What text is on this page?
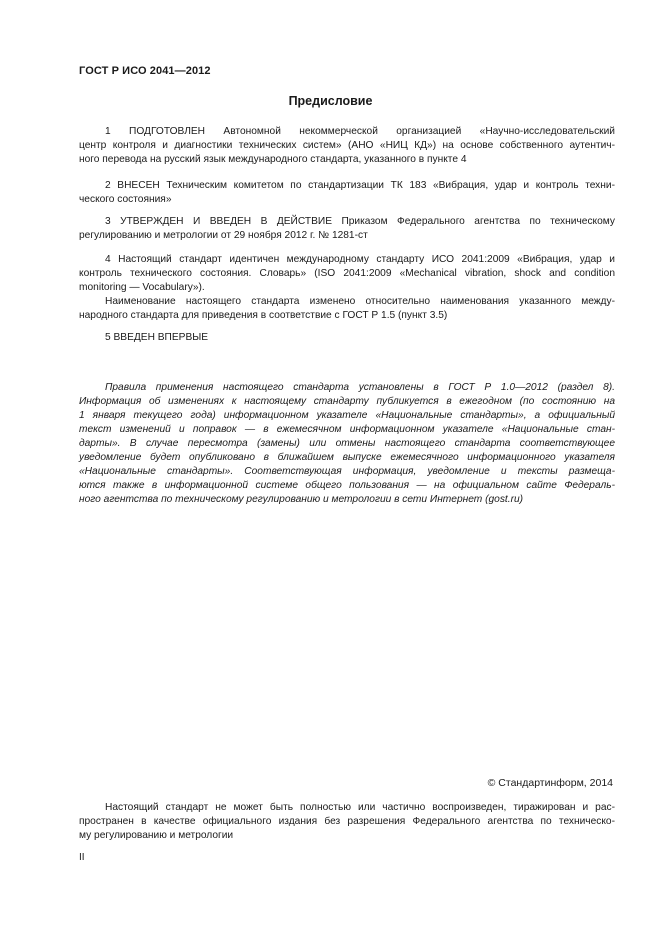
ГОСТ Р ИСО 2041—2012
Предисловие
1 ПОДГОТОВЛЕН Автономной некоммерческой организацией «Научно-исследовательский
центр контроля и диагностики технических систем» (АНО «НИЦ КД») на основе собственного аутентич-
ного перевода на русский язык международного стандарта, указанного в пункте 4
2 ВНЕСЕН Техническим комитетом по стандартизации ТК 183 «Вибрация, удар и контроль техни-
ческого состояния»
3 УТВЕРЖДЕН И ВВЕДЕН В ДЕЙСТВИЕ Приказом Федерального агентства по техническому
регулированию и метрологии от 29 ноября 2012 г. № 1281-ст
4 Настоящий стандарт идентичен международному стандарту ИСО 2041:2009 «Вибрация, удар и
контроль технического состояния. Словарь» (ISO 2041:2009 «Mechanical vibration, shock and condition
monitoring — Vocabulary»).
Наименование настоящего стандарта изменено относительно наименования указанного между-
народного стандарта для приведения в соответствие с ГОСТ Р 1.5 (пункт 3.5)
5 ВВЕДЕН ВПЕРВЫЕ
Правила применения настоящего стандарта установлены в ГОСТ Р 1.0—2012 (раздел 8).
Информация об изменениях к настоящему стандарту публикуется в ежегодном (по состоянию на
1 января текущего года) информационном указателе «Национальные стандарты», а официальный
текст изменений и поправок — в ежемесячном информационном указателе «Национальные стан-
дарты». В случае пересмотра (замены) или отмены настоящего стандарта соответствующее
уведомление будет опубликовано в ближайшем выпуске ежемесячного информационного указателя
«Национальные стандарты». Соответствующая информация, уведомление и тексты размеща-
ются также в информационной системе общего пользования — на официальном сайте Федераль-
ного агентства по техническому регулированию и метрологии в сети Интернет (gost.ru)
© Стандартинформ, 2014
Настоящий стандарт не может быть полностью или частично воспроизведен, тиражирован и рас-
пространен в качестве официального издания без разрешения Федерального агентства по техническо-
му регулированию и метрологии
II
